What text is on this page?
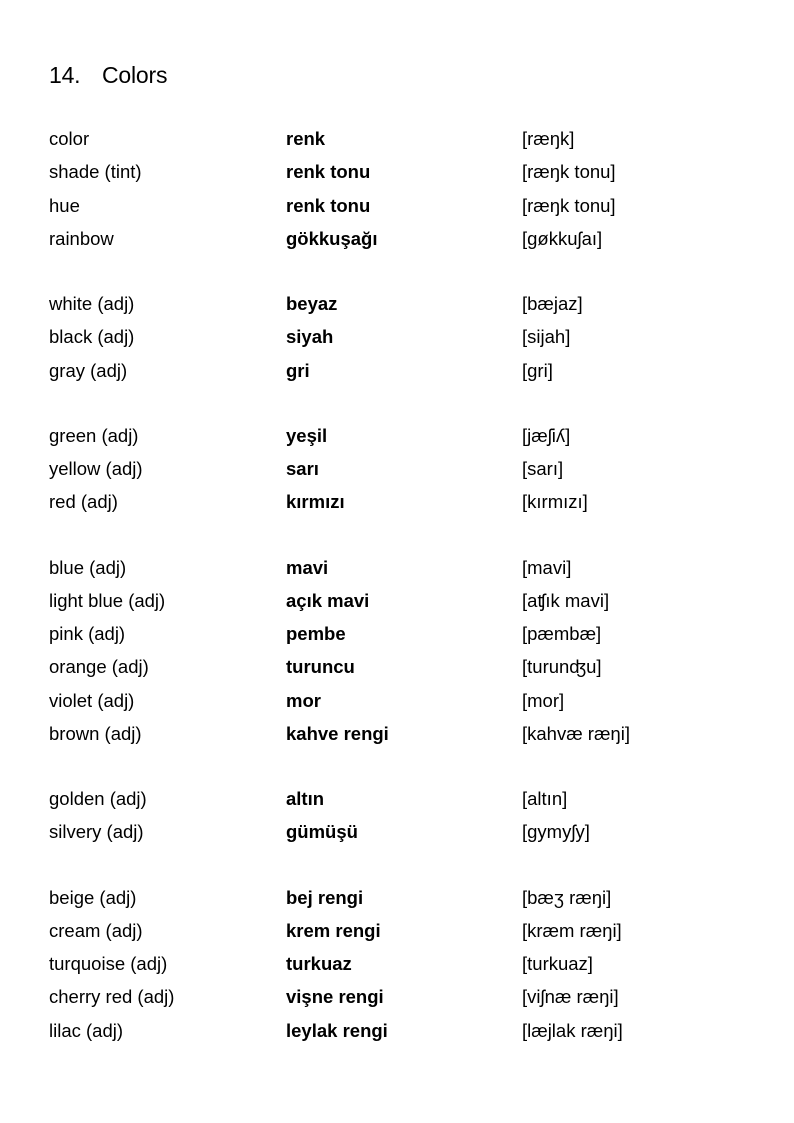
14. Colors
color	renk	[ræŋk]
shade (tint)	renk tonu	[ræŋk tonu]
hue	renk tonu	[ræŋk tonu]
rainbow	gökkuşağı	[gøkkuʃaı]
white (adj)	beyaz	[bæjaz]
black (adj)	siyah	[sijah]
gray (adj)	gri	[gri]
green (adj)	yeşil	[jæʃiʎ]
yellow (adj)	sarı	[sarı]
red (adj)	kırmızı	[kırmızı]
blue (adj)	mavi	[mavi]
light blue (adj)	açık mavi	[aʧık mavi]
pink (adj)	pembe	[pæmbæ]
orange (adj)	turuncu	[turunʤu]
violet (adj)	mor	[mor]
brown (adj)	kahve rengi	[kahvæ ræŋi]
golden (adj)	altın	[altın]
silvery (adj)	gümüşü	[gymyʃy]
beige (adj)	bej rengi	[bæʒ ræŋi]
cream (adj)	krem rengi	[kræm ræŋi]
turquoise (adj)	turkuaz	[turkuaz]
cherry red (adj)	vişne rengi	[viʃnæ ræŋi]
lilac (adj)	leylak rengi	[læjlak ræŋi]
